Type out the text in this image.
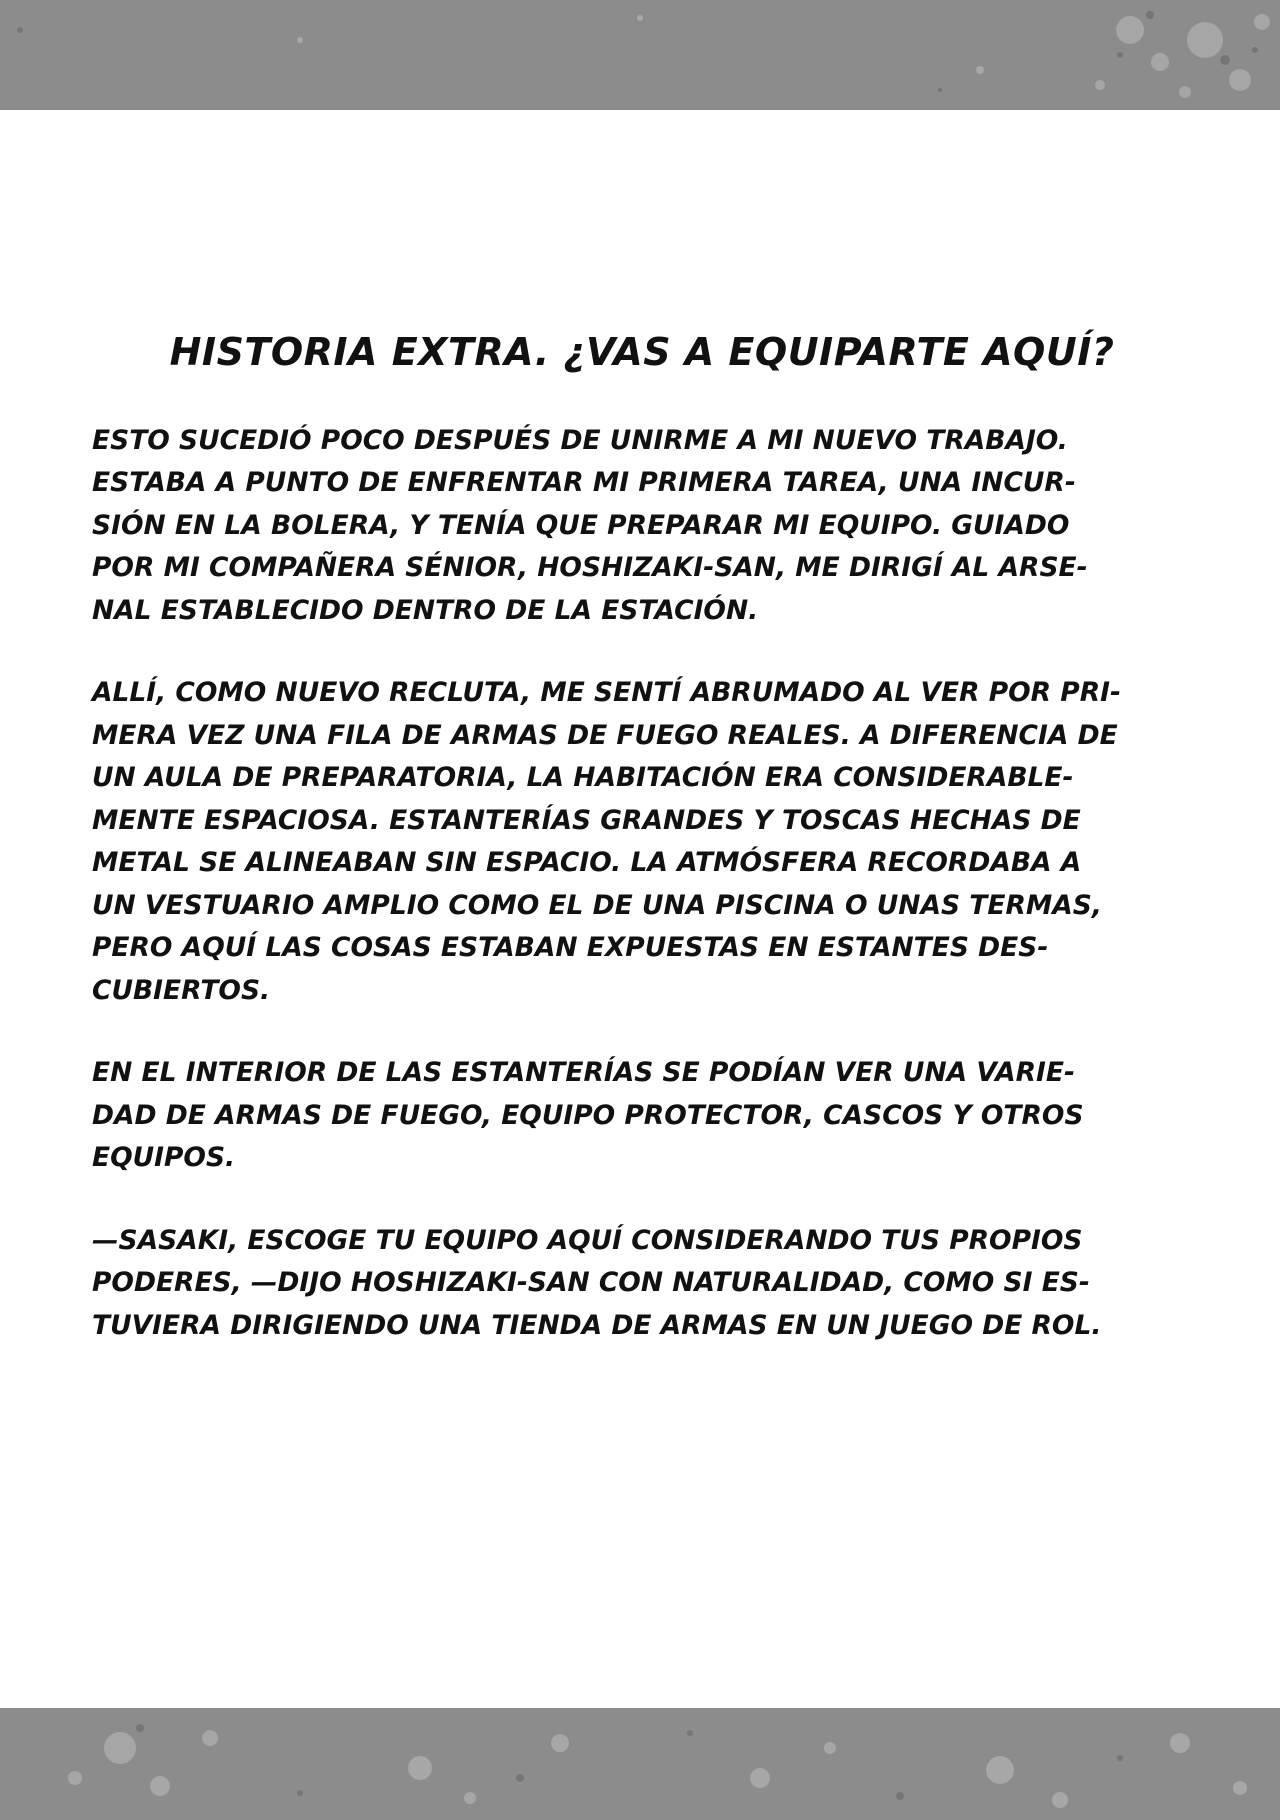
HISTORIA EXTRA. ¿VAS A EQUIPARTE AQUÍ?

ESTO SUCEDIÓ POCO DESPUÉS DE UNIRME A MI NUEVO TRABAJO.
ESTABA A PUNTO DE ENFRENTAR MI PRIMERA TAREA, UNA INCUR-
SIÓN EN LA BOLERA, Y TENÍA QUE PREPARAR MI EQUIPO. GUIADO
POR MI COMPAÑERA SÉNIOR, HOSHIZAKI-SAN, ME DIRIGÍ AL ARSE-
NAL ESTABLECIDO DENTRO DE LA ESTACIÓN.

ALLÍ, COMO NUEVO RECLUTA, ME SENTÍ ABRUMADO AL VER POR PRI-
MERA VEZ UNA FILA DE ARMAS DE FUEGO REALES. A DIFERENCIA DE
UN AULA DE PREPARATORIA, LA HABITACIÓN ERA CONSIDERABLE-
MENTE ESPACIOSA. ESTANTERÍAS GRANDES Y TOSCAS HECHAS DE
METAL SE ALINEABAN SIN ESPACIO. LA ATMÓSFERA RECORDABA A
UN VESTUARIO AMPLIO COMO EL DE UNA PISCINA O UNAS TERMAS,
PERO AQUÍ LAS COSAS ESTABAN EXPUESTAS EN ESTANTES DES-
CUBIERTOS.

EN EL INTERIOR DE LAS ESTANTERÍAS SE PODÍAN VER UNA VARIE-
DAD DE ARMAS DE FUEGO, EQUIPO PROTECTOR, CASCOS Y OTROS
EQUIPOS.

—SASAKI, ESCOGE TU EQUIPO AQUÍ CONSIDERANDO TUS PROPIOS
PODERES, —DIJO HOSHIZAKI-SAN CON NATURALIDAD, COMO SI ES-
TUVIERA DIRIGIENDO UNA TIENDA DE ARMAS EN UN JUEGO DE ROL.
